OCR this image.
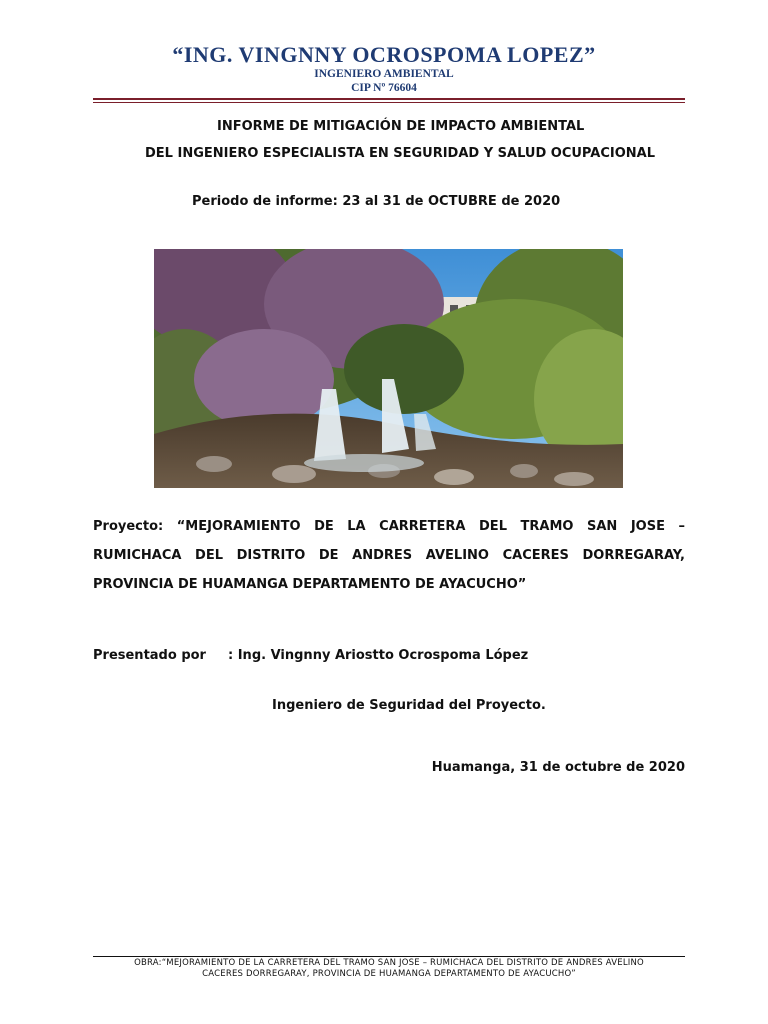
“ING. VINGNNY OCROSPOMA LOPEZ”
INGENIERO AMBIENTAL
CIP Nº 76604
INFORME DE MITIGACIÓN DE IMPACTO AMBIENTAL
DEL INGENIERO ESPECIALISTA EN SEGURIDAD Y SALUD OCUPACIONAL
Periodo de informe: 23 al 31 de OCTUBRE de 2020
Proyecto: “MEJORAMIENTO DE LA CARRETERA DEL TRAMO SAN JOSE –
RUMICHACA DEL DISTRITO DE ANDRES AVELINO CACERES DORREGARAY,
PROVINCIA DE HUAMANGA DEPARTAMENTO DE AYACUCHO”
Presentado por : Ing. Vingnny Ariostto Ocrospoma López
Ingeniero de Seguridad del Proyecto.
Huamanga, 31 de octubre de 2020
OBRA:“MEJORAMIENTO DE LA CARRETERA DEL TRAMO SAN JOSE – RUMICHACA DEL DISTRITO DE ANDRES AVELINO
CACERES DORREGARAY, PROVINCIA DE HUAMANGA DEPARTAMENTO DE AYACUCHO”
